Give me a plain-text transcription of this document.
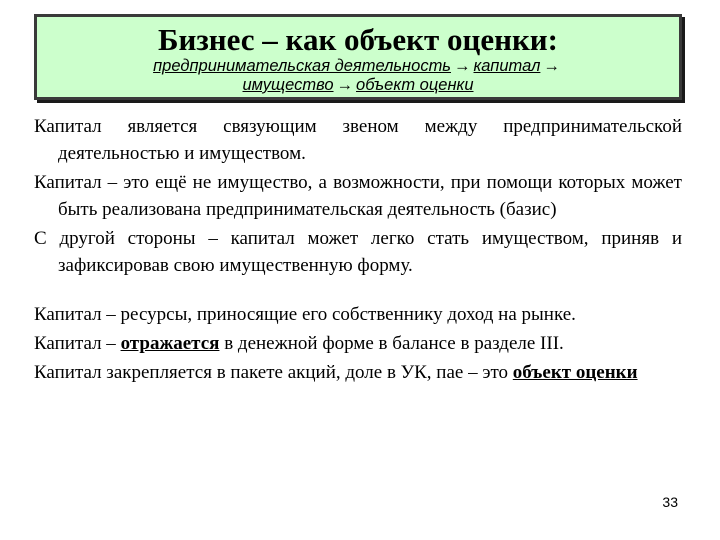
Бизнес – как объект оценки:
предпринимательская деятельность → капитал →
имущество → объект оценки

Капитал является связующим звеном между предпринимательской деятельностью и имуществом.

Капитал – это ещё не имущество, а возможности, при помощи которых может быть реализована предпринимательская деятельность (базис)

С другой стороны – капитал может легко стать имуществом, приняв и зафиксировав свою имущественную форму.

Капитал – ресурсы, приносящие его собственнику доход на рынке.

Капитал – отражается в денежной форме в балансе в разделе III.

Капитал закрепляется в пакете акций, доле в УК, пае – это объект оценки

33
